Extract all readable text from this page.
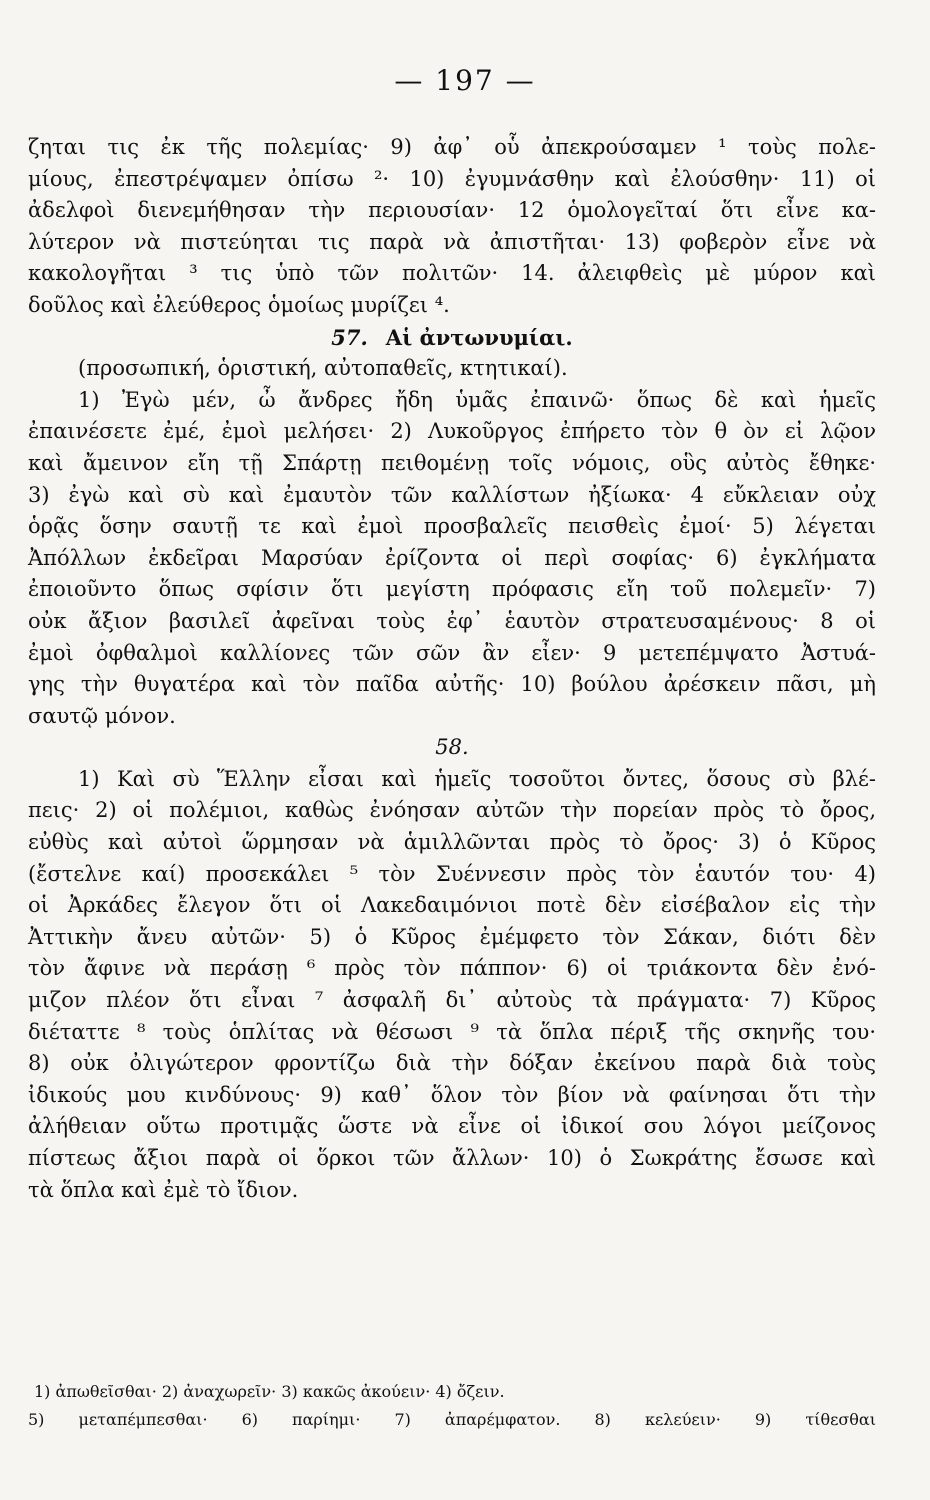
— 197 —
ζηται τις ἐκ τῆς πολεμίας· 9) ἀφ᾽ οὗ ἀπεκρούσαμεν ¹ τοὺς πολε-
μίους, ἐπεστρέψαμεν ὀπίσω ²· 10) ἐγυμνάσθην καὶ ἐλούσθην· 11) οἱ
ἀδελφοὶ διενεμήθησαν τὴν περιουσίαν· 12 ὁμολογεῖταί ὅτι εἶνε κα-
λύτερον νὰ πιστεύηται τις παρὰ νὰ ἀπιστῆται· 13) φοβερὸν εἶνε νὰ
κακολογῆται ³ τις ὑπὸ τῶν πολιτῶν· 14. ἀλειφθεὶς μὲ μύρον καὶ
δοῦλος καὶ ἐλεύθερος ὁμοίως μυρίζει ⁴.
57. Αἱ ἀντωνυμίαι.
(προσωπική, ὁριστική, αὐτοπαθεῖς, κτητικαί).
1) Ἐγὼ μέν, ὦ ἄνδρες ἤδη ὑμᾶς ἐπαινῶ· ὅπως δὲ καὶ ἡμεῖς
ἐπαινέσετε ἐμέ, ἐμοὶ μελήσει· 2) Λυκοῦργος ἐπήρετο τὸν θ ὸν εἰ λῷον
καὶ ἄμεινον εἴη τῇ Σπάρτῃ πειθομένῃ τοῖς νόμοις, οὓς αὐτὸς ἔθηκε·
3) ἐγὼ καὶ σὺ καὶ ἐμαυτὸν τῶν καλλίστων ἠξίωκα· 4 εὔκλειαν οὐχ
ὁρᾷς ὅσην σαυτῇ τε καὶ ἐμοὶ προσβαλεῖς πεισθεὶς ἐμοί· 5) λέγεται
Ἀπόλλων ἐκδεῖραι Μαρσύαν ἐρίζοντα οἱ περὶ σοφίας· 6) ἐγκλήματα
ἐποιοῦντο ὅπως σφίσιν ὅτι μεγίστη πρόφασις εἴη τοῦ πολεμεῖν· 7)
οὐκ ἄξιον βασιλεῖ ἀφεῖναι τοὺς ἐφ᾽ ἑαυτὸν στρατευσαμένους· 8 οἱ
ἐμοὶ ὀφθαλμοὶ καλλίονες τῶν σῶν ἂν εἶεν· 9 μετεπέμψατο Ἀστυά-
γης τὴν θυγατέρα καὶ τὸν παῖδα αὐτῆς· 10) βούλου ἀρέσκειν πᾶσι, μὴ
σαυτῷ μόνον.
58.
1) Καὶ σὺ Ἕλλην εἶσαι καὶ ἡμεῖς τοσοῦτοι ὄντες, ὅσους σὺ βλέ-
πεις· 2) οἱ πολέμιοι, καθὼς ἐνόησαν αὐτῶν τὴν πορείαν πρὸς τὸ ὄρος,
εὐθὺς καὶ αὐτοὶ ὥρμησαν νὰ ἁμιλλῶνται πρὸς τὸ ὄρος· 3) ὁ Κῦρος
(ἔστελνε καί) προσεκάλει ⁵ τὸν Συέννεσιν πρὸς τὸν ἑαυτόν του· 4)
οἱ Ἀρκάδες ἔλεγον ὅτι οἱ Λακεδαιμόνιοι ποτὲ δὲν εἰσέβαλον εἰς τὴν
Ἀττικὴν ἄνευ αὐτῶν· 5) ὁ Κῦρος ἐμέμφετο τὸν Σάκαν, διότι δὲν
τὸν ἄφινε νὰ περάσῃ ⁶ πρὸς τὸν πάππον· 6) οἱ τριάκοντα δὲν ἐνό-
μιζον πλέον ὅτι εἶναι ⁷ ἀσφαλῆ δι᾽ αὐτοὺς τὰ πράγματα· 7) Κῦρος
διέταττε ⁸ τοὺς ὁπλίτας νὰ θέσωσι ⁹ τὰ ὅπλα πέριξ τῆς σκηνῆς του·
8) οὐκ ὀλιγώτερον φροντίζω διὰ τὴν δόξαν ἐκείνου παρὰ διὰ τοὺς
ἰδικούς μου κινδύνους· 9) καθ᾽ ὅλον τὸν βίον νὰ φαίνησαι ὅτι τὴν
ἀλήθειαν οὕτω προτιμᾷς ὥστε νὰ εἶνε οἱ ἰδικοί σου λόγοι μείζονος
πίστεως ἄξιοι παρὰ οἱ ὅρκοι τῶν ἄλλων· 10) ὁ Σωκράτης ἔσωσε καὶ
τὰ ὅπλα καὶ ἐμὲ τὸ ἴδιον.
1) ἀπωθεῖσθαι· 2) ἀναχωρεῖν· 3) κακῶς ἀκούειν· 4) ὄζειν.
5) μεταπέμπεσθαι· 6) παρίημι· 7) ἀπαρέμφατον. 8) κελεύειν· 9) τίθεσθαι
